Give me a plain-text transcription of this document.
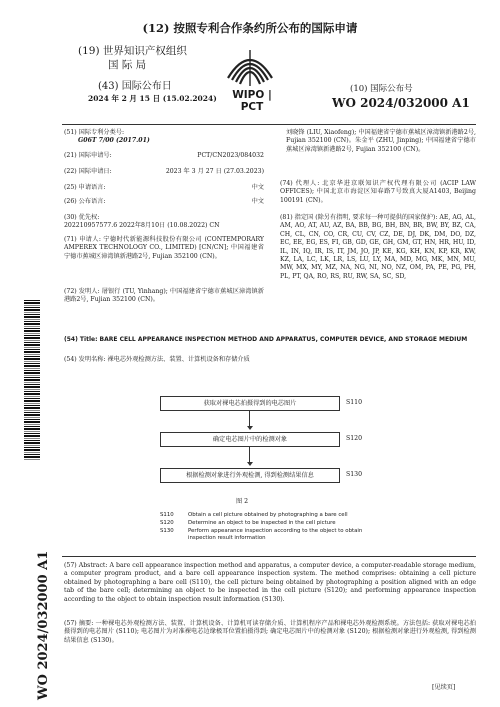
(12) 按照专利合作条约所公布的国际申请
(19) 世界知识产权组织
国 际 局
(43) 国际公布日
2024 年 2 月 15 日 (15.02.2024)	WIPO | PCT
(10) 国际公布号
WO 2024/032000 A1
(51) 国际专利分类号:
G06T 7/00 (2017.01)
(21) 国际申请号:	PCT/CN2023/084032
(22) 国际申请日:	2023 年 3 月 27 日 (27.03.2023)
(25) 申请语言:	中文
(26) 公布语言:	中文
(30) 优先权:
202210957577.6 2022年8月10日 (10.08.2022) CN
(71) 申请人: 宁德时代新能源科技股份有限公司 (CONTEMPORARY AMPEREX TECHNOLOGY CO., LIMITED) [CN/CN]; 中国福建省宁德市蕉城区漳湾镇新港路2号, Fujian 352100 (CN)。
(72) 发明人: 屠银行 (TU, Yinhang); 中国福建省宁德市蕉城区漳湾镇新港路2号, Fujian 352100 (CN)。
刘晓锋 (LIU, Xiaofeng); 中国福建省宁德市蕉城区漳湾镇新港路2号, Fujian 352100 (CN)。朱金平 (ZHU, Jinping); 中国福建省宁德市蕉城区漳湾镇新港路2号, Fujian 352100 (CN)。
(74) 代理人: 北京华进京联知识产权代理有限公司 (ACIP LAW OFFICES); 中国北京市海淀区知春路7号致真大厦A1403, Beijing 100191 (CN)。
(81) 指定国 (除另有指明, 要求每一种可提供的国家保护): AE, AG, AL, AM, AO, AT, AU, AZ, BA, BB, BG, BH, BN, BR, BW, BY, BZ, CA, CH, CL, CN, CO, CR, CU, CV, CZ, DE, DJ, DK, DM, DO, DZ, EC, EE, EG, ES, FI, GB, GD, GE, GH, GM, GT, HN, HR, HU, ID, IL, IN, IQ, IR, IS, IT, JM, JO, JP, KE, KG, KH, KN, KP, KR, KW, KZ, LA, LC, LK, LR, LS, LU, LY, MA, MD, MG, MK, MN, MU, MW, MX, MY, MZ, NA, NG, NI, NO, NZ, OM, PA, PE, PG, PH, PL, PT, QA, RO, RS, RU, RW, SA, SC, SD,
WO 2024/032000 A1
(54) Title: BARE CELL APPEARANCE INSPECTION METHOD AND APPARATUS, COMPUTER DEVICE, AND STORAGE MEDIUM
(54) 发明名称: 裸电芯外观检测方法、装置、计算机设备和存储介质
获取对裸电芯拍摄得到的电芯图片	S110
确定电芯图片中的检测对象	S120
根据检测对象进行外观检测, 得到检测结果信息	S130
图 2
S110	Obtain a cell picture obtained by photographing a bare cell
S120	Determine an object to be inspected in the cell picture
S130	Perform appearance inspection according to the object to obtain inspection result information
(57) Abstract: A bare cell appearance inspection method and apparatus, a computer device, a computer-readable storage medium, a computer program product, and a bare cell appearance inspection system. The method comprises: obtaining a cell picture obtained by photographing a bare cell (S110), the cell picture being obtained by photographing a position aligned with an edge tab of the bare cell; determining an object to be inspected in the cell picture (S120); and performing appearance inspection according to the object to obtain inspection result information (S130).
(57) 摘要: 一种裸电芯外观检测方法、装置、计算机设备、计算机可读存储介质、计算机程序产品和裸电芯外观检测系统。方法包括: 获取对裸电芯拍摄得到的电芯图片 (S110); 电芯图片为对准裸电芯边缘极耳位置拍摄得到; 确定电芯图片中的检测对象 (S120); 根据检测对象进行外观检测, 得到检测结果信息 (S130)。
[见续页]
